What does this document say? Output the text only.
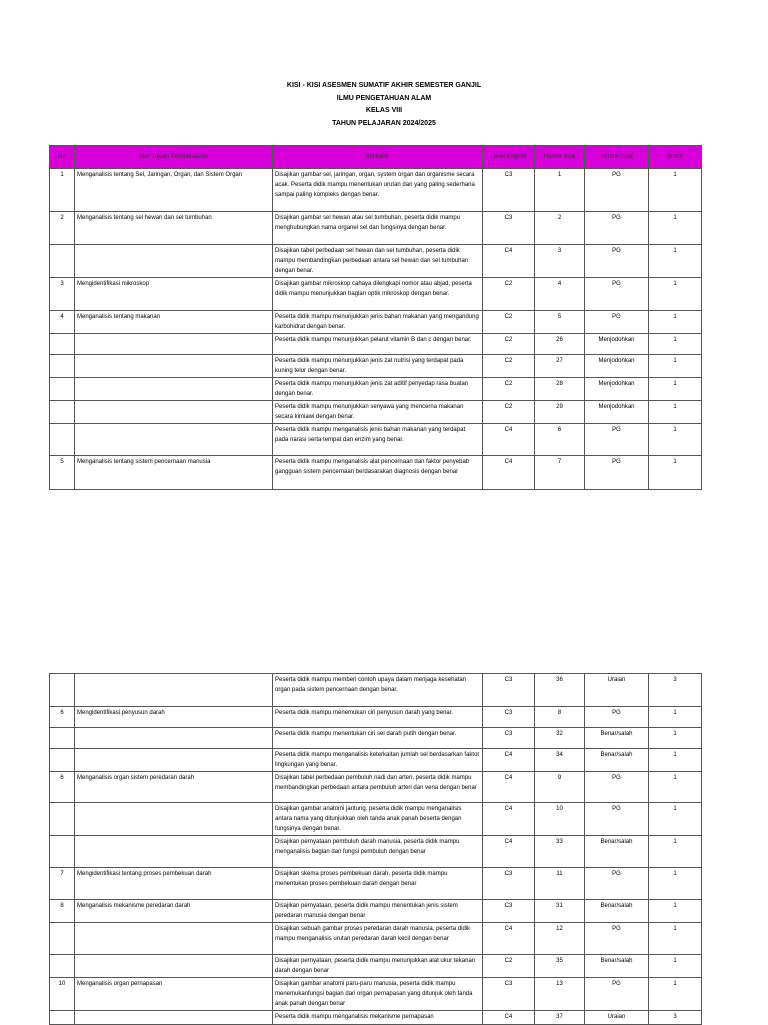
KISI - KISI ASESMEN SUMATIF AKHIR SEMESTER GANJIL
ILMU PENGETAHUAN ALAM
KELAS VIII
TAHUN PELAJARAN 2024/2025
No	Alur Tujuan Pembelajaran	Indikator	Level Kognitif	Nomor Soal	Bentuk Soal	Bobot
1	Menganalisis tentang Sel, Jaringan, Organ, dan Sistem Organ	Disajikan gambar sel, jaringan, organ, system organ dan organisme secara acak. Peserta didik mampu menentukan urutan dari yang paling sederhana sampai paling kompleks dengan benar.	C3	1	PG	1
2	Menganalisis tentang sel hewan dan sel tumbuhan	Disajikan gambar sel hewan atau sel tumbuhan, peserta didik mampu menghubungkan nama organel sel dan fungsinya dengan benar.	C3	2	PG	1
		Disajikan tabel perbedaan sel hewan dan sel tumbuhan, peserta didik mampu membandingkan perbedaan antara sel hewan dan sel tumbuhan dengan benar.	C4	3	PG	1
3	Mengidentifikasi mikroskop	Disajikan gambar mikroskop cahaya dilengkapi nomor atau abjad, peserta didik mampu menunjukkan bagian optik mikroskop dengan benar.	C2	4	PG	1
4	Menganalisis tentang makanan	Peserta didik mampu menunjukkan jenis bahan makanan yang mengandung karbohidrat dengan benar.	C2	5	PG	1
		Peserta didik mampu menunjukkan pelarut vitamin B dan c dengan benar.	C2	26	Menjodohkan	1
		Peserta didik mampu menunjukkan jenis zat nutrisi yang terdapat pada kuning telur dengan benar.	C2	27	Menjodohkan	1
		Peserta didik mampu menunjukkan jenis zat aditif penyedap rasa buatan dengan benar.	C2	28	Menjodohkan	1
		Peserta didik mampu menunjukkan senyawa yang mencerna makanan secara kimiawi dengan benar.	C2	29	Menjodohkan	1
		Peserta didik mampu menganalisis jenis bahan makanan yang terdapat pada narasi serta tempat dan enzim yang benar.	C4	6	PG	1
5	Menganalisis tentang sistem pencernaan manusia	Peserta didik mampu menganalisis alat pencernaan dan faktor penyebab gangguan sistem pencernaan berdasarakan diagnosis dengan benar	C4	7	PG	1
		Peserta didik mampu memberi contoh upaya dalam menjaga kesehatan organ pada sistem pencernaan dengan benar.	C3	36	Uraian	3
6	Mengidentifikasi penyusun darah	Peserta didik mampu menemukan ciri penyusun darah yang benar.	C3	8	PG	1
		Peserta didik mampu menentukan ciri sel darah putih dengan benar.	C3	32	Benar/salah	1
		Peserta didik mampu menganalisis keterkaitan jumlah sel berdasarkan faktor lingkungan yang benar.	C4	34	Benar/salah	1
6	Menganalisis organ sistem peredaran darah	Disajikan tabel perbedaan pembuluh nadi dan arteri, peserta didik mampu membandingkan perbedaan antara pembuluh arteri dan vena dengan benar	C4	9	PG	1
		Disajikan gambar anatomi jantung, peserta didik mampu menganalisis antara nama yang ditunjukkan oleh tanda anak panah beserta dengan fungsinya dengan benar.	C4	10	PG	1
		Disajikan pernyataan pembuluh darah manusia, peserta didik mampu menganalisis bagian dan fungsi pembuluh dengan benar	C4	33	Benar/salah	1
7	Mengidentifikasi tentang proses pembekuan darah	Disajikan skema proses pembekuan darah, peserta didik mampu menentukan proses pembekuan darah dengan benar	C3	11	PG	1
8	Menganalisis mekanisme peredaran darah	Disajikan pernyataan, peserta didik mampu menentukan jenis sistem peredaran manusia dengan benar	C3	31	Benar/salah	1
		Disajikan sebuah gambar proses peredaran darah manusia, peserta didik mampu menganalisis urutan peredaran darah kecil dengan benar	C4	12	PG	1
		Disajikan pernyataan, peserta didik mampu menunjukkan alat ukur tekanan darah dengan benar	C2	35	Benar/salah	1
10	Menganalisis organ pernapasan	Disajikan gambar anatomi paru-paru manusia, peserta didik mampu menemukanfungsi bagian dari organ pernapasan yang ditunjuk oleh tanda anak panah dengan benar	C3	13	PG	1
		Peserta didik mampu menganalisis mekanisme pernapasan	C4	37	Uraian	3
